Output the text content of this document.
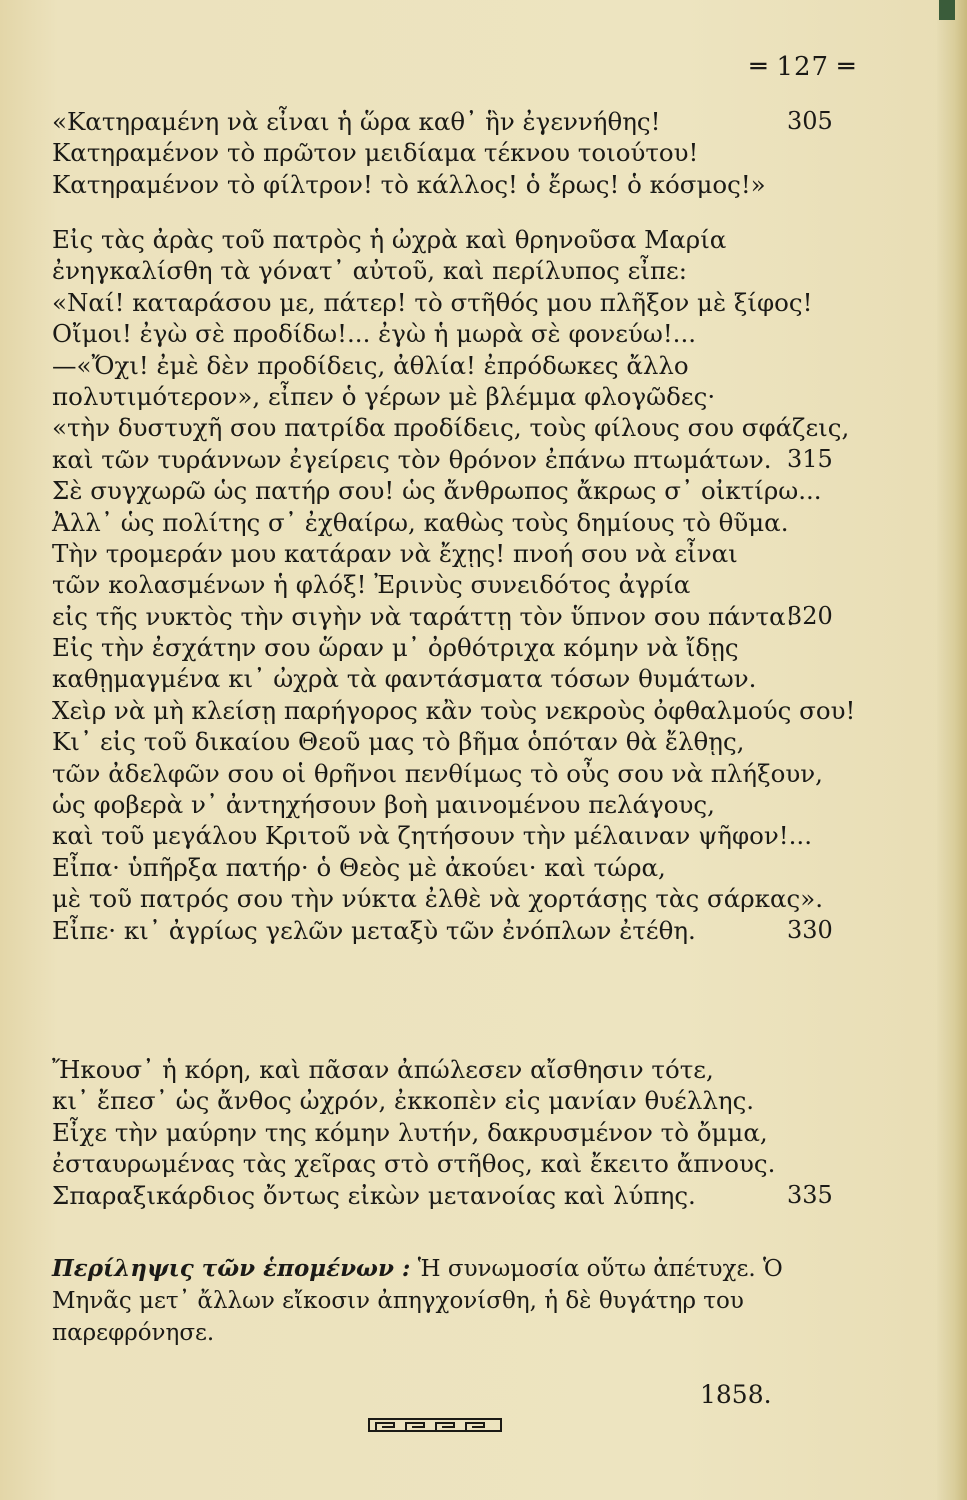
═ 127 ═
«Κατηραμένη νὰ εἶναι ἡ ὥρα καθ᾽ ἣν ἐγεννήθης!	305
Κατηραμένον τὸ πρῶτον μειδίαμα τέκνου τοιούτου!
Κατηραμένον τὸ φίλτρον! τὸ κάλλος! ὁ ἔρως! ὁ κόσμος!»
Εἰς τὰς ἀρὰς τοῦ πατρὸς ἡ ὠχρὰ καὶ θρηνοῦσα Μαρία
ἐνηγκαλίσθη τὰ γόνατ᾽ αὐτοῦ, καὶ περίλυπος εἶπε:
«Ναί! καταράσου με, πάτερ! τὸ στῆθός μου πλῆξον μὲ ξίφος!
Οἴμοι! ἐγὼ σὲ προδίδω!... ἐγὼ ἡ μωρὰ σὲ φονεύω!...
—«Ὄχι! ἐμὲ δὲν προδίδεις, ἀθλία! ἐπρόδωκες ἄλλο
πολυτιμότερον», εἶπεν ὁ γέρων μὲ βλέμμα φλογῶδες·
«τὴν δυστυχῆ σου πατρίδα προδίδεις, τοὺς φίλους σου σφάζεις,
καὶ τῶν τυράννων ἐγείρεις τὸν θρόνον ἐπάνω πτωμάτων. 315
Σὲ συγχωρῶ ὡς πατήρ σου! ὡς ἄνθρωπος ἄκρως σ᾽ οἰκτίρω...
Ἀλλ᾽ ὡς πολίτης σ᾽ ἐχθαίρω, καθὼς τοὺς δημίους τὸ θῦμα.
Τὴν τρομεράν μου κατάραν νὰ ἔχῃς! πνοή σου νὰ εἶναι
τῶν κολασμένων ἡ φλόξ! Ἐρινὺς συνειδότος ἀγρία
εἰς τῆς νυκτὸς τὴν σιγὴν νὰ ταράττῃ τὸν ὕπνον σου πάντα!
320
Εἰς τὴν ἐσχάτην σου ὥραν μ᾽ ὀρθότριχα κόμην νὰ ἴδῃς
καθῃμαγμένα κι᾽ ὠχρὰ τὰ φαντάσματα τόσων θυμάτων.
Χεὶρ νὰ μὴ κλείσῃ παρήγορος κἂν τοὺς νεκροὺς ὀφθαλμούς σου!
Κι᾽ εἰς τοῦ δικαίου Θεοῦ μας τὸ βῆμα ὁπόταν θὰ ἔλθῃς,
τῶν ἀδελφῶν σου οἱ θρῆνοι πενθίμως τὸ οὖς σου νὰ πλήξουν,
ὡς φοβερὰ ν᾽ ἀντηχήσουν βοὴ μαινομένου πελάγους,
καὶ τοῦ μεγάλου Κριτοῦ νὰ ζητήσουν τὴν μέλαιναν ψῆφον!...
Εἶπα· ὑπῆρξα πατήρ· ὁ Θεὸς μὲ ἀκούει· καὶ τώρα,
μὲ τοῦ πατρός σου τὴν νύκτα ἐλθὲ νὰ χορτάσῃς τὰς σάρκας».
Εἶπε· κι᾽ ἀγρίως γελῶν μεταξὺ τῶν ἐνόπλων ἐτέθη.	330
Ἤκουσ᾽ ἡ κόρη, καὶ πᾶσαν ἀπώλεσεν αἴσθησιν τότε,
κι᾽ ἔπεσ᾽ ὡς ἄνθος ὠχρόν, ἐκκοπὲν εἰς μανίαν θυέλλης.
Εἶχε τὴν μαύρην της κόμην λυτήν, δακρυσμένον τὸ ὄμμα,
ἐσταυρωμένας τὰς χεῖρας στὸ στῆθος, καὶ ἔκειτο ἄπνους.
Σπαραξικάρδιος ὄντως εἰκὼν μετανοίας καὶ λύπης.	335
Περίληψις τῶν ἑπομένων : Ἡ συνωμοσία οὕτω ἀπέτυχε. Ὁ Μηνᾶς μετ᾽ ἄλλων εἴκοσιν ἀπηγχονίσθη, ἡ δὲ θυγάτηρ του παρεφρόνησε.
1858.
